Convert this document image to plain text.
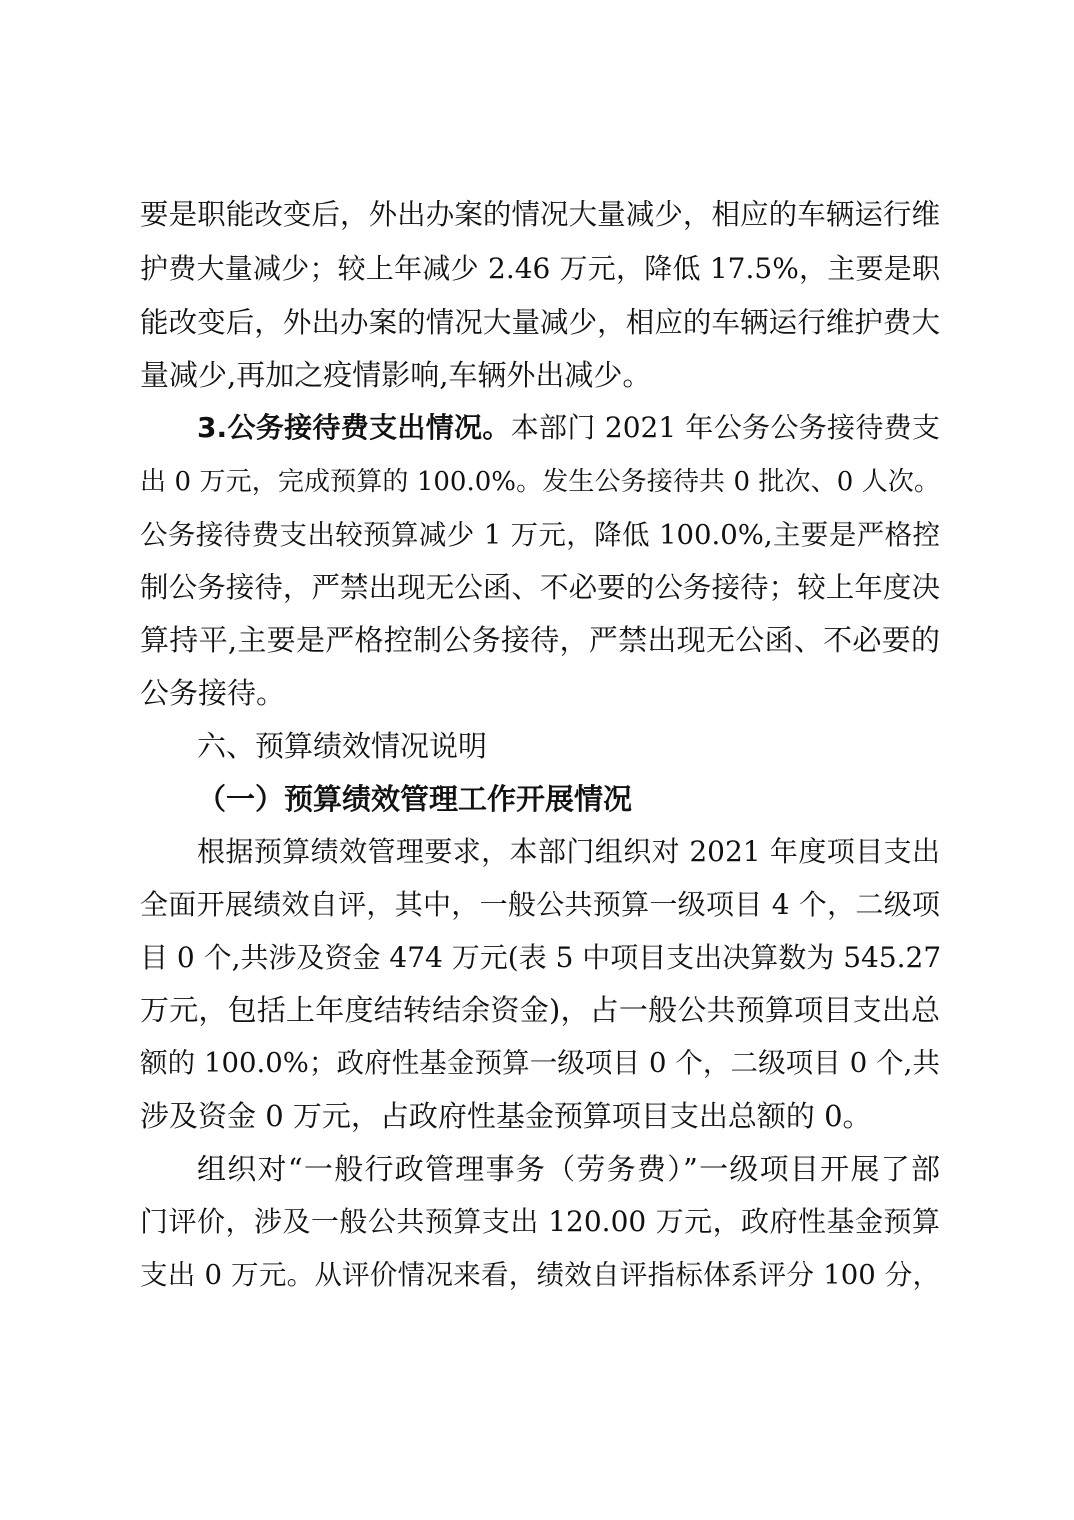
要是职能改变后，外出办案的情况大量减少，相应的车辆运行维
护费大量减少；较上年减少 2.46 万元，降低 17.5%，主要是职
能改变后，外出办案的情况大量减少，相应的车辆运行维护费大
量减少,再加之疫情影响,车辆外出减少。
3.公务接待费支出情况。本部门 2021 年公务公务接待费支
出 0 万元，完成预算的 100.0%。发生公务接待共 0 批次、0 人次。
公务接待费支出较预算减少 1 万元，降低 100.0%,主要是严格控
制公务接待，严禁出现无公函、不必要的公务接待；较上年度决
算持平,主要是严格控制公务接待，严禁出现无公函、不必要的
公务接待。
六、预算绩效情况说明
（一）预算绩效管理工作开展情况
根据预算绩效管理要求，本部门组织对 2021 年度项目支出
全面开展绩效自评，其中，一般公共预算一级项目 4 个，二级项
目 0 个,共涉及资金 474 万元(表 5 中项目支出决算数为 545.27
万元，包括上年度结转结余资金)，占一般公共预算项目支出总
额的 100.0%；政府性基金预算一级项目 0 个，二级项目 0 个,共
涉及资金 0 万元，占政府性基金预算项目支出总额的 0。
组织对“一般行政管理事务（劳务费）”一级项目开展了部
门评价，涉及一般公共预算支出 120.00 万元，政府性基金预算
支出 0 万元。从评价情况来看，绩效自评指标体系评分 100 分，
